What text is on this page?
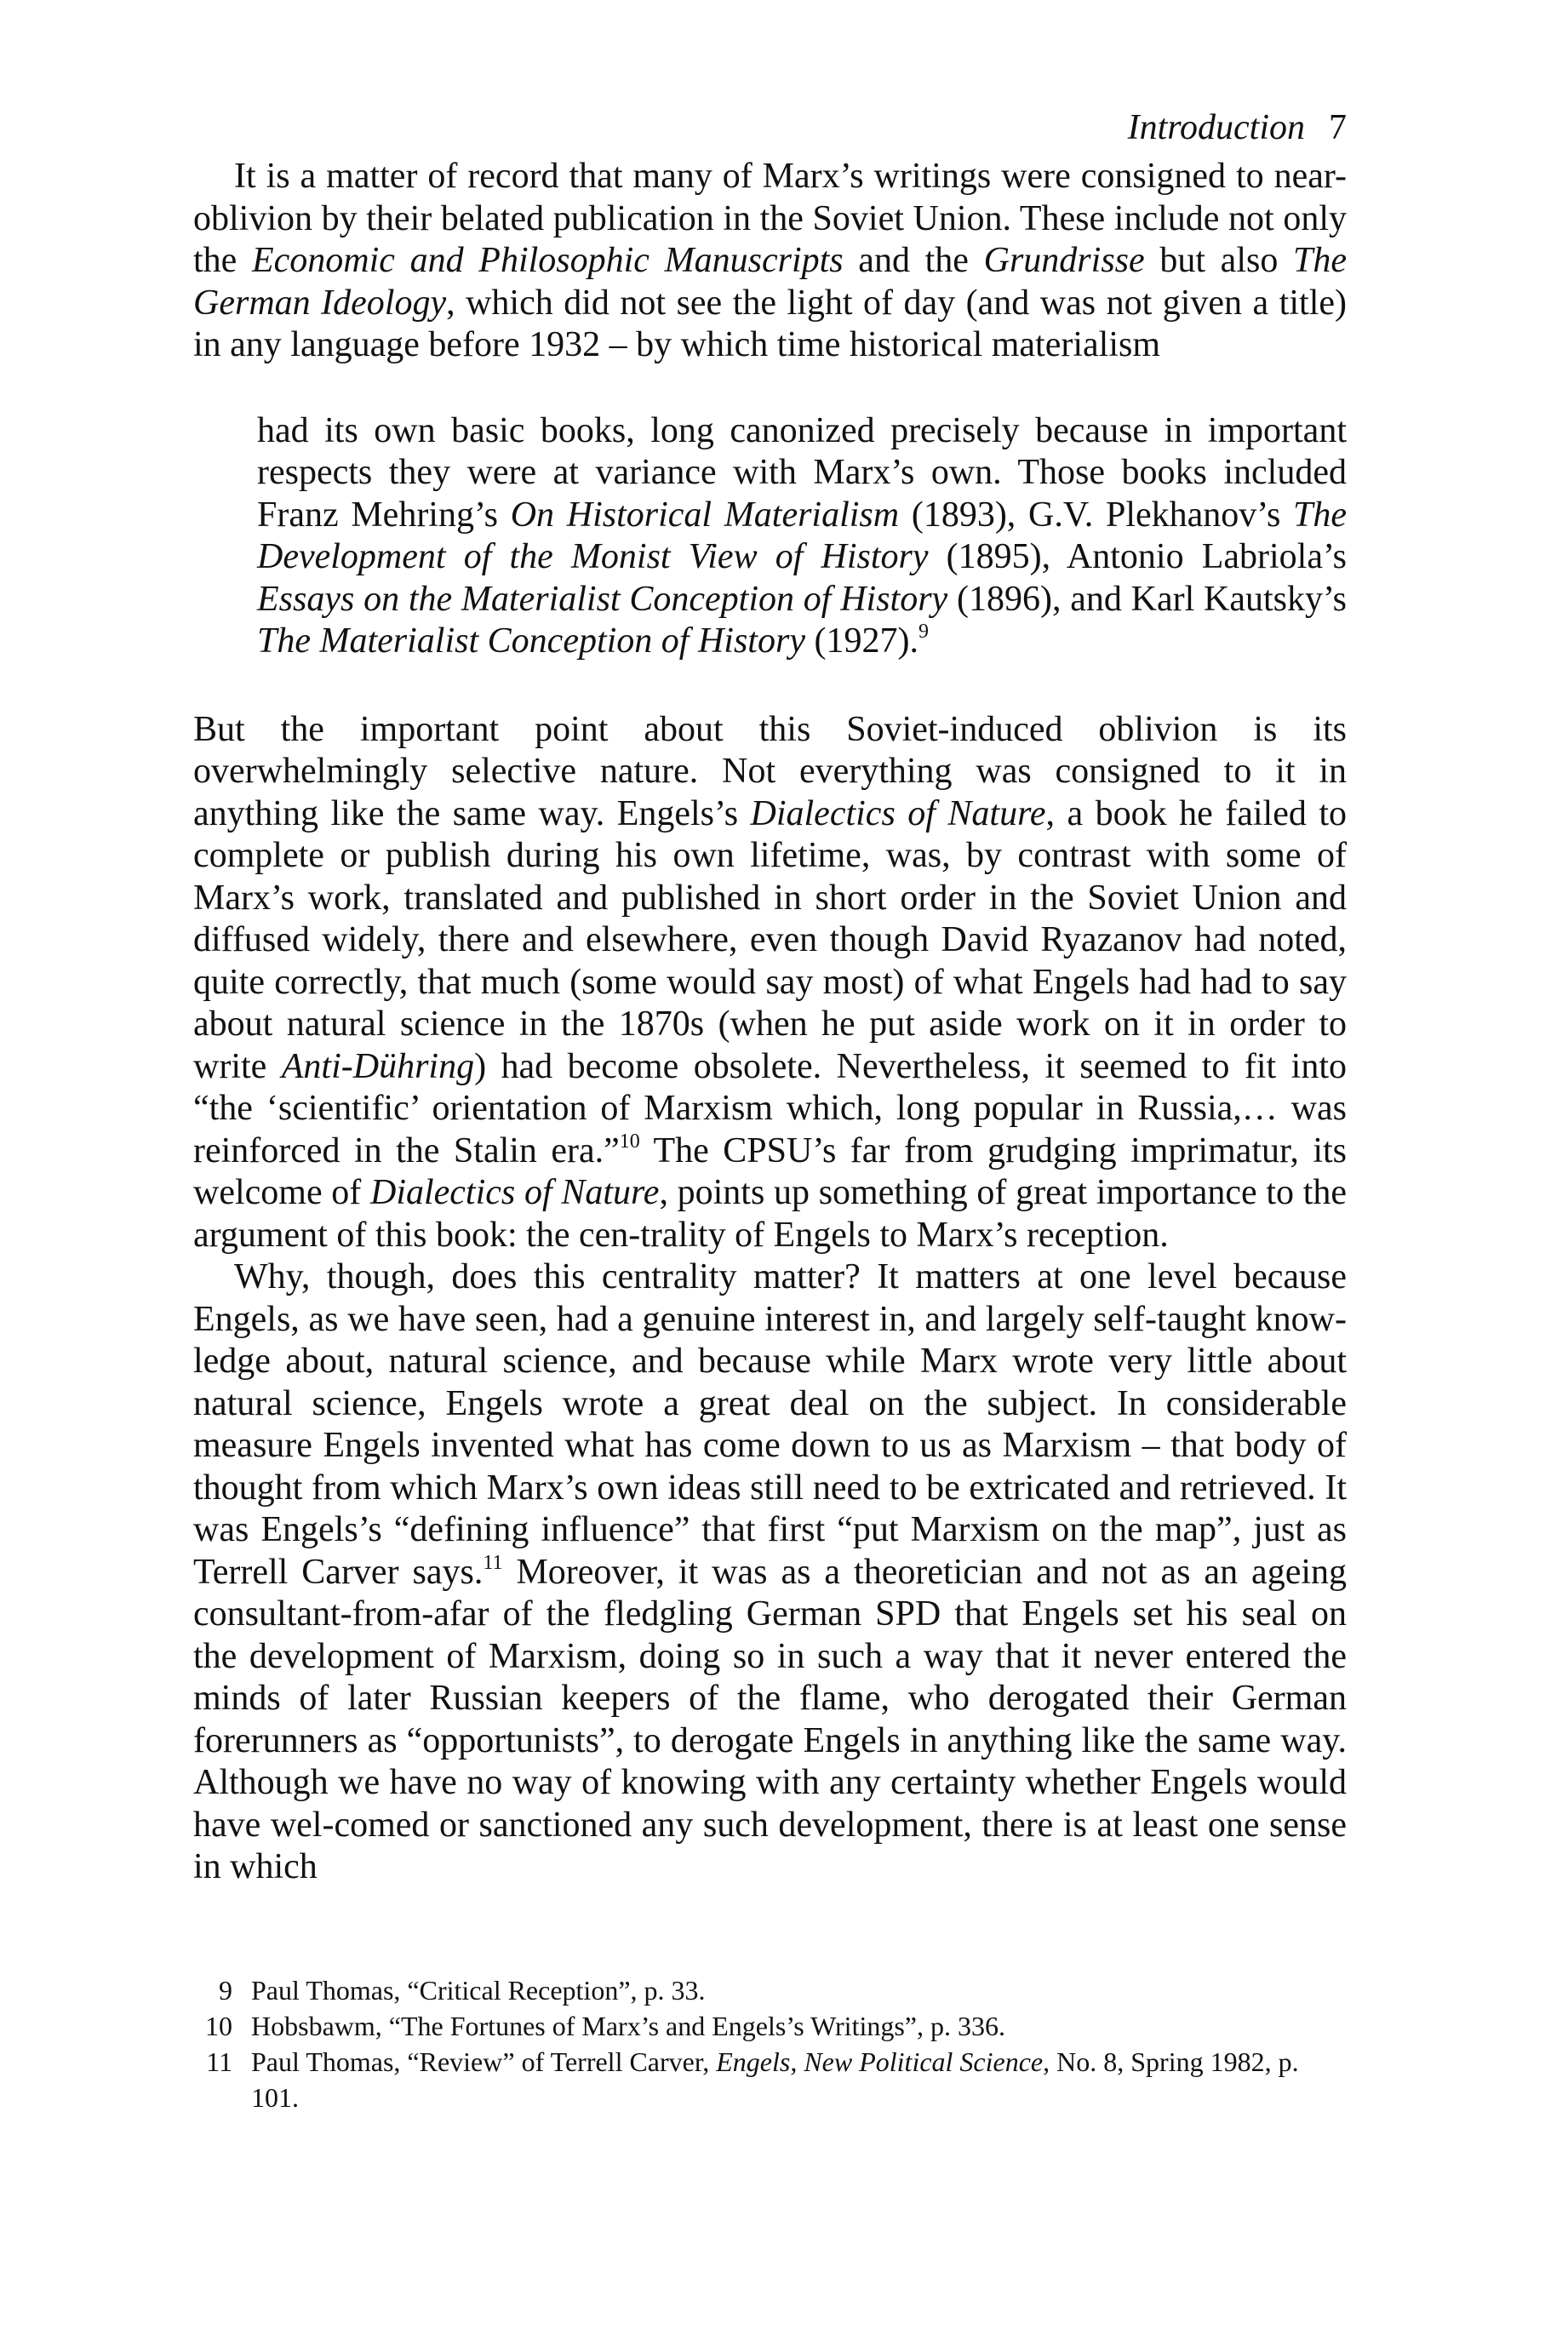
Introduction 7

It is a matter of record that many of Marx’s writings were consigned to near-oblivion by their belated publication in the Soviet Union. These include not only the Economic and Philosophic Manuscripts and the Grundrisse but also The German Ideology, which did not see the light of day (and was not given a title) in any language before 1932 – by which time historical materialism

had its own basic books, long canonized precisely because in important respects they were at variance with Marx’s own. Those books included Franz Mehring’s On Historical Materialism (1893), G.V. Plekhanov’s The Development of the Monist View of History (1895), Antonio Labriola’s Essays on the Materialist Conception of History (1896), and Karl Kautsky’s The Materialist Conception of History (1927).$^9$

But the important point about this Soviet-induced oblivion is its overwhelmingly selective nature. Not everything was consigned to it in anything like the same way. Engels’s Dialectics of Nature, a book he failed to complete or publish during his own lifetime, was, by contrast with some of Marx’s work, translated and published in short order in the Soviet Union and diffused widely, there and elsewhere, even though David Ryazanov had noted, quite correctly, that much (some would say most) of what Engels had had to say about natural science in the 1870s (when he put aside work on it in order to write Anti-Dühring) had become obsolete. Nevertheless, it seemed to fit into “the ‘scientific’ orientation of Marxism which, long popular in Russia,… was reinforced in the Stalin era.”$^{10}$ The CPSU’s far from grudging imprimatur, its welcome of Dialectics of Nature, points up something of great importance to the argument of this book: the cen-trality of Engels to Marx’s reception.

Why, though, does this centrality matter? It matters at one level because Engels, as we have seen, had a genuine interest in, and largely self-taught know-ledge about, natural science, and because while Marx wrote very little about natural science, Engels wrote a great deal on the subject. In considerable measure Engels invented what has come down to us as Marxism – that body of thought from which Marx’s own ideas still need to be extricated and retrieved. It was Engels’s “defining influence” that first “put Marxism on the map”, just as Terrell Carver says.$^{11}$ Moreover, it was as a theoretician and not as an ageing consultant-from-afar of the fledgling German SPD that Engels set his seal on the development of Marxism, doing so in such a way that it never entered the minds of later Russian keepers of the flame, who derogated their German forerunners as “opportunists”, to derogate Engels in anything like the same way. Although we have no way of knowing with any certainty whether Engels would have wel-comed or sanctioned any such development, there is at least one sense in which

9 Paul Thomas, “Critical Reception”, p. 33.
10 Hobsbawm, “The Fortunes of Marx’s and Engels’s Writings”, p. 336.
11 Paul Thomas, “Review” of Terrell Carver, Engels, New Political Science, No. 8, Spring 1982, p. 101.
